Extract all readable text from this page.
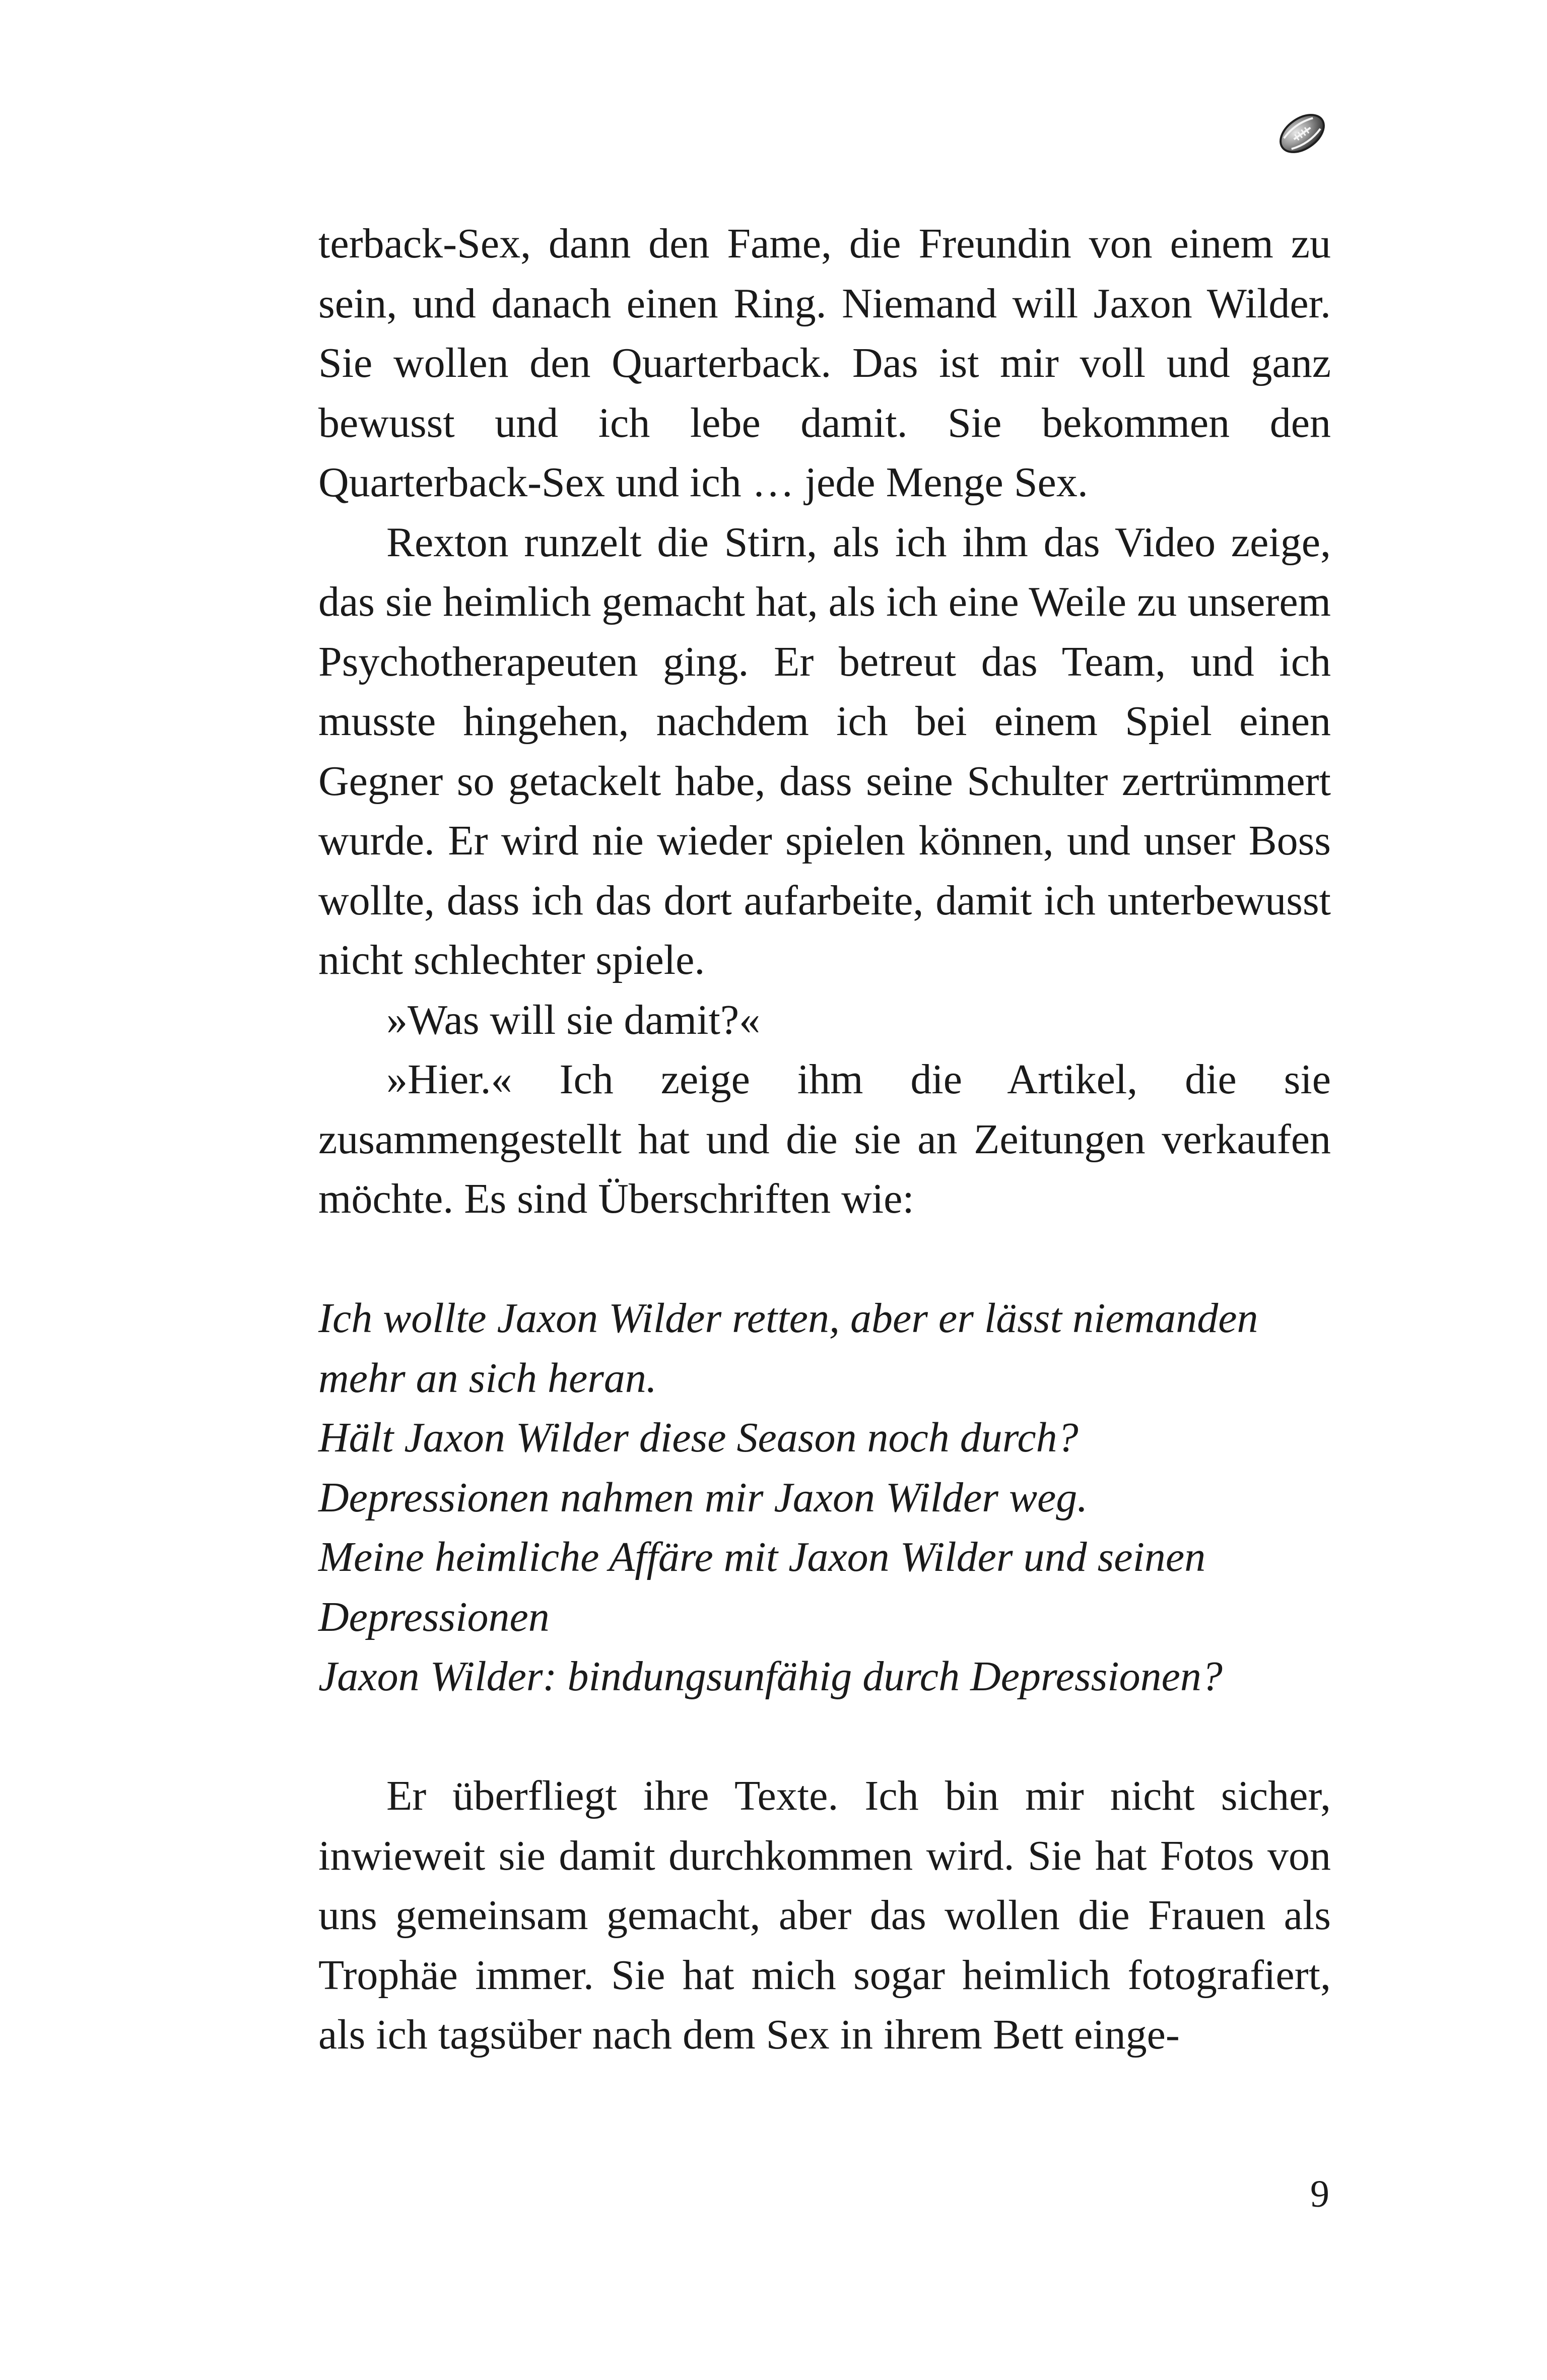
terback-Sex, dann den Fame, die Freundin von einem zu sein, und danach einen Ring. Niemand will Jaxon Wilder. Sie wollen den Quarterback. Das ist mir voll und ganz bewusst und ich lebe damit. Sie bekommen den Quarterback-Sex und ich … jede Menge Sex.

Rexton runzelt die Stirn, als ich ihm das Video zeige, das sie heimlich gemacht hat, als ich eine Weile zu unserem Psychotherapeuten ging. Er betreut das Team, und ich musste hingehen, nachdem ich bei einem Spiel einen Gegner so getackelt habe, dass seine Schulter zertrümmert wurde. Er wird nie wieder spielen können, und unser Boss wollte, dass ich das dort aufarbeite, damit ich unterbewusst nicht schlechter spiele.

»Was will sie damit?«

»Hier.« Ich zeige ihm die Artikel, die sie zusammengestellt hat und die sie an Zeitungen verkaufen möchte. Es sind Überschriften wie:

Ich wollte Jaxon Wilder retten, aber er lässt niemanden mehr an sich heran.

Hält Jaxon Wilder diese Season noch durch?

Depressionen nahmen mir Jaxon Wilder weg.

Meine heimliche Affäre mit Jaxon Wilder und seinen Depressionen

Jaxon Wilder: bindungsunfähig durch Depressionen?

Er überfliegt ihre Texte. Ich bin mir nicht sicher, inwieweit sie damit durchkommen wird. Sie hat Fotos von uns gemeinsam gemacht, aber das wollen die Frauen als Trophäe immer. Sie hat mich sogar heimlich fotografiert, als ich tagsüber nach dem Sex in ihrem Bett einge-

9
